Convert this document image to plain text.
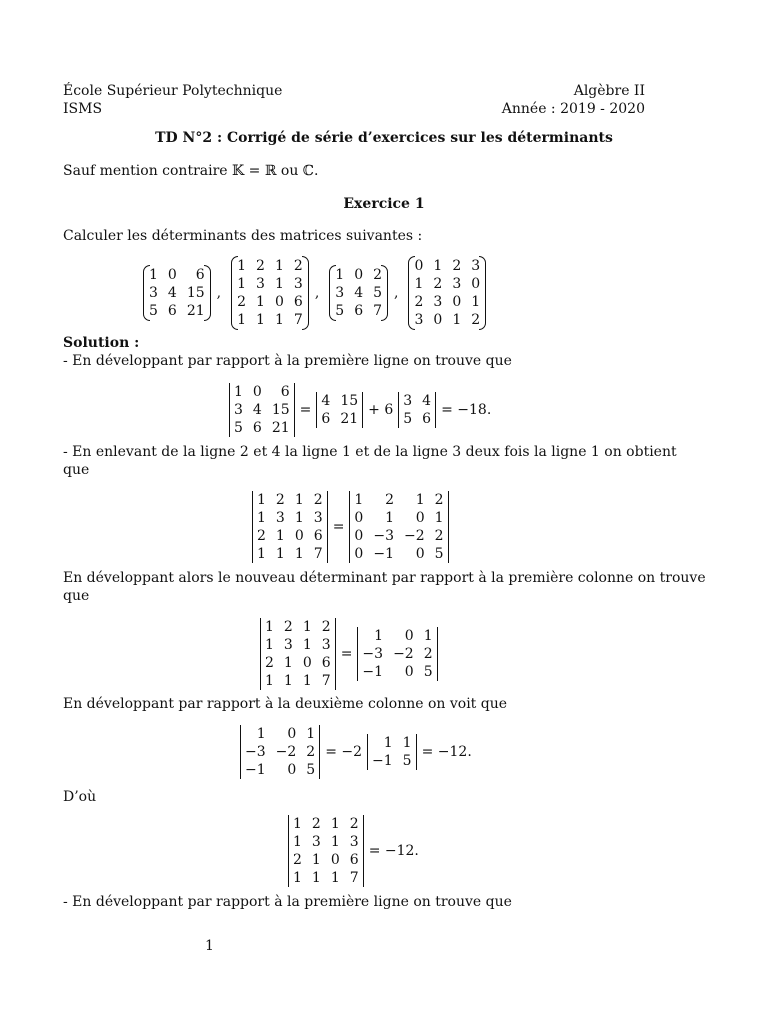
École Supérieur Polytechnique
ISMS
Algèbre II
Année : 2019 - 2020
TD N°2 : Corrigé de série d’exercices sur les déterminants
Sauf mention contraire 𝕂 = ℝ ou ℂ.
Exercice 1
Calculer les déterminants des matrices suivantes :
1 0	6
3 4 15
5 6 21
,
1 2 1 2
1 3 1 3
2 1 0 6
1 1 1 7
,
1 0 2
3 4 5
5 6 7
,
0 1 2 3
1 2 3 0
2 3 0 1
3 0 1 2
Solution :
- En développant par rapport à la première ligne on trouve que
1 0	6
3 4 15
5 6 21
=
4 15
6 21
+ 6
3 4
5 6
= −18.
- En enlevant de la ligne 2 et 4 la ligne 1 et de la ligne 3 deux fois la ligne 1 on obtient
que
1 2 1 2
1 3 1 3
2 1 0 6
1 1 1 7
=
1	2	1 2
0	1	0 1
0 −3 −2 2
0 −1	0 5
En développant alors le nouveau déterminant par rapport à la première colonne on trouve
que
1 2 1 2
1 3 1 3
2 1 0 6
1 1 1 7
=
1	0 1
−3 −2 2
−1	0 5
En développant par rapport à la deuxième colonne on voit que
1	0 1
−3 −2 2
−1	0 5
= −2
1 1
−1 5
= −12.
D’où
1 2 1 2
1 3 1 3
2 1 0 6
1 1 1 7
= −12.
- En développant par rapport à la première ligne on trouve que
1
